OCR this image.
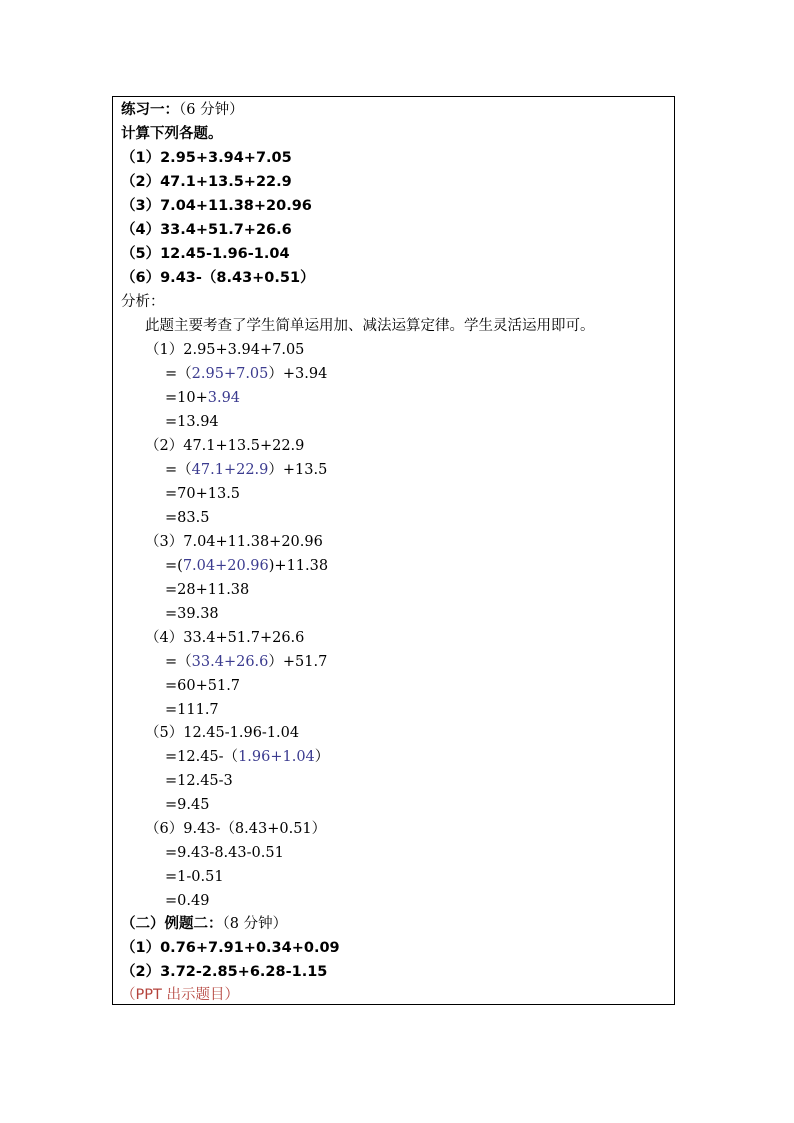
练习一：（6 分钟）
计算下列各题。
（1）2.95+3.94+7.05
（2）47.1+13.5+22.9
（3）7.04+11.38+20.96
（4）33.4+51.7+26.6
（5）12.45-1.96-1.04
（6）9.43-（8.43+0.51）
分析：
此题主要考查了学生简单运用加、减法运算定律。学生灵活运用即可。
（1）2.95+3.94+7.05
=（2.95+7.05）+3.94
=10+3.94
=13.94
（2）47.1+13.5+22.9
=（47.1+22.9）+13.5
=70+13.5
=83.5
（3）7.04+11.38+20.96
=(7.04+20.96)+11.38
=28+11.38
=39.38
（4）33.4+51.7+26.6
=（33.4+26.6）+51.7
=60+51.7
=111.7
（5）12.45-1.96-1.04
=12.45-（1.96+1.04）
=12.45-3
=9.45
（6）9.43-（8.43+0.51）
=9.43-8.43-0.51
=1-0.51
=0.49
（二）例题二：（8 分钟）
（1）0.76+7.91+0.34+0.09
（2）3.72-2.85+6.28-1.15
（PPT 出示题目）
